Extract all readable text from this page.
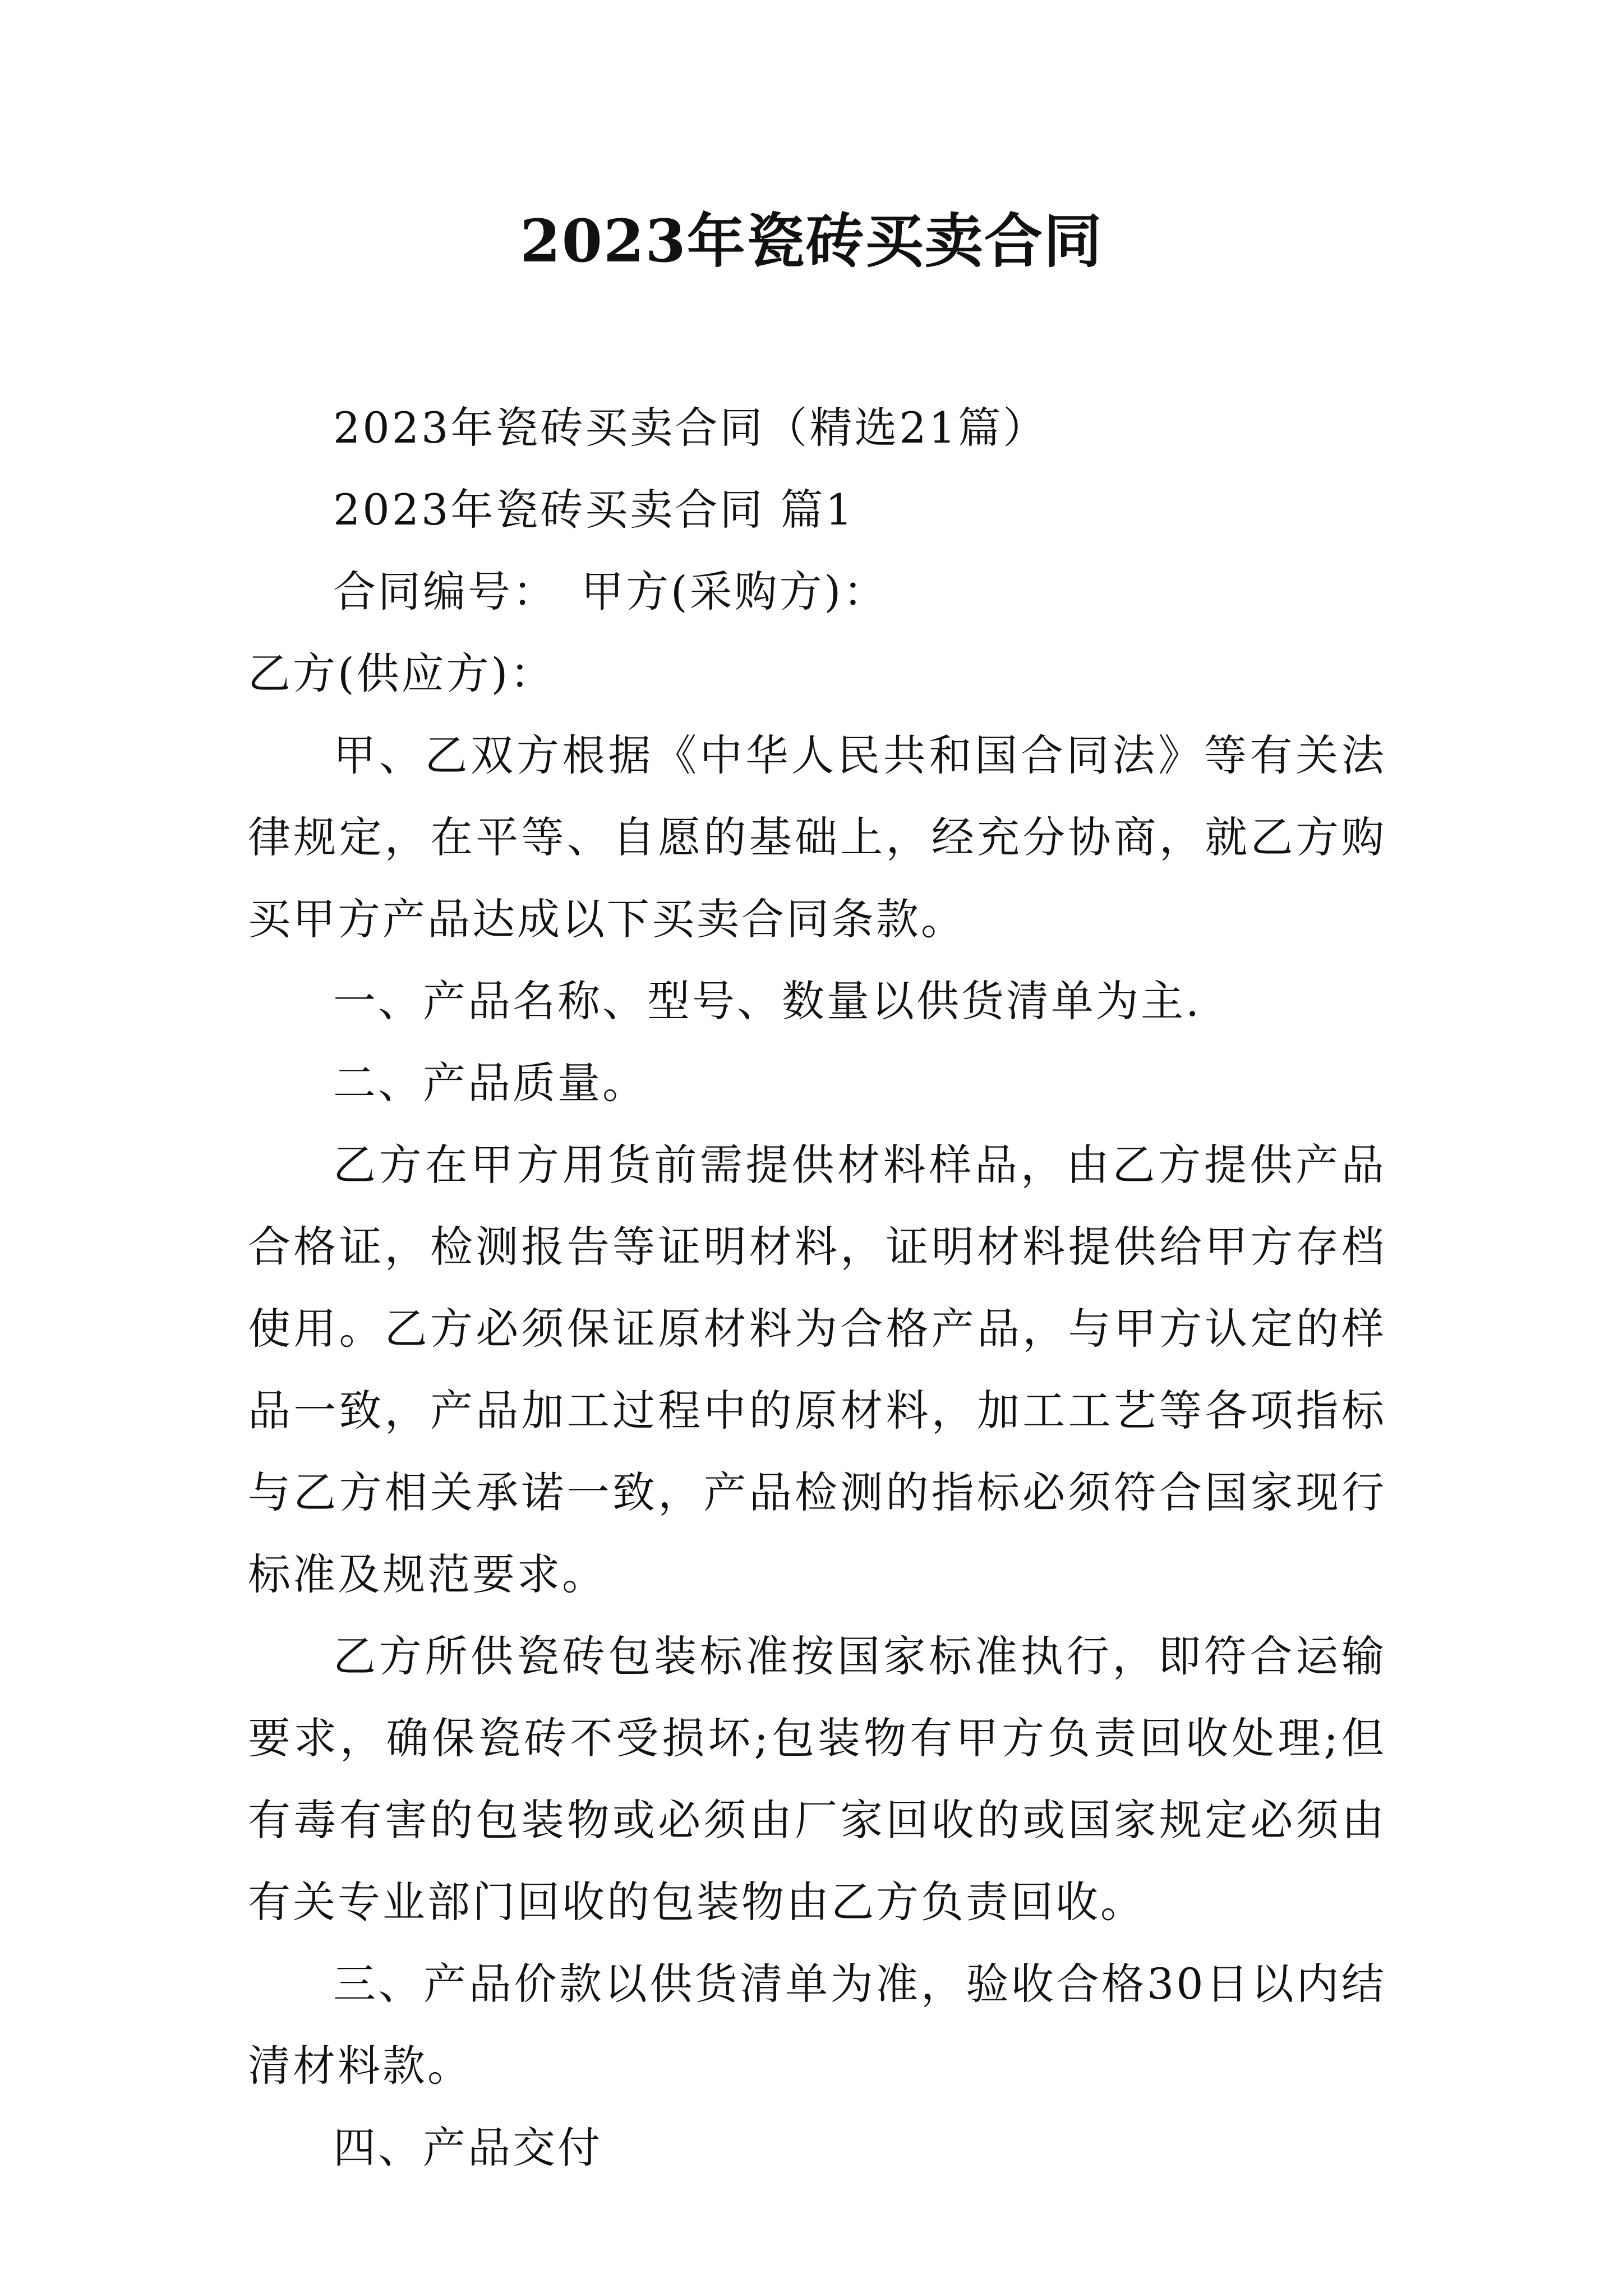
2023年瓷砖买卖合同

2023年瓷砖买卖合同（精选21篇）

2023年瓷砖买卖合同 篇1

合同编号：　甲方(采购方)：

乙方(供应方)：

甲、乙双方根据《中华人民共和国合同法》等有关法律规定，在平等、自愿的基础上，经充分协商，就乙方购买甲方产品达成以下买卖合同条款。

一、产品名称、型号、数量以供货清单为主.

二、产品质量。

乙方在甲方用货前需提供材料样品，由乙方提供产品合格证，检测报告等证明材料，证明材料提供给甲方存档使用。乙方必须保证原材料为合格产品，与甲方认定的样品一致，产品加工过程中的原材料，加工工艺等各项指标与乙方相关承诺一致，产品检测的指标必须符合国家现行标准及规范要求。

乙方所供瓷砖包装标准按国家标准执行，即符合运输要求，确保瓷砖不受损坏;包装物有甲方负责回收处理;但有毒有害的包装物或必须由厂家回收的或国家规定必须由有关专业部门回收的包装物由乙方负责回收。

三、产品价款以供货清单为准，验收合格30日以内结清材料款。

四、产品交付
